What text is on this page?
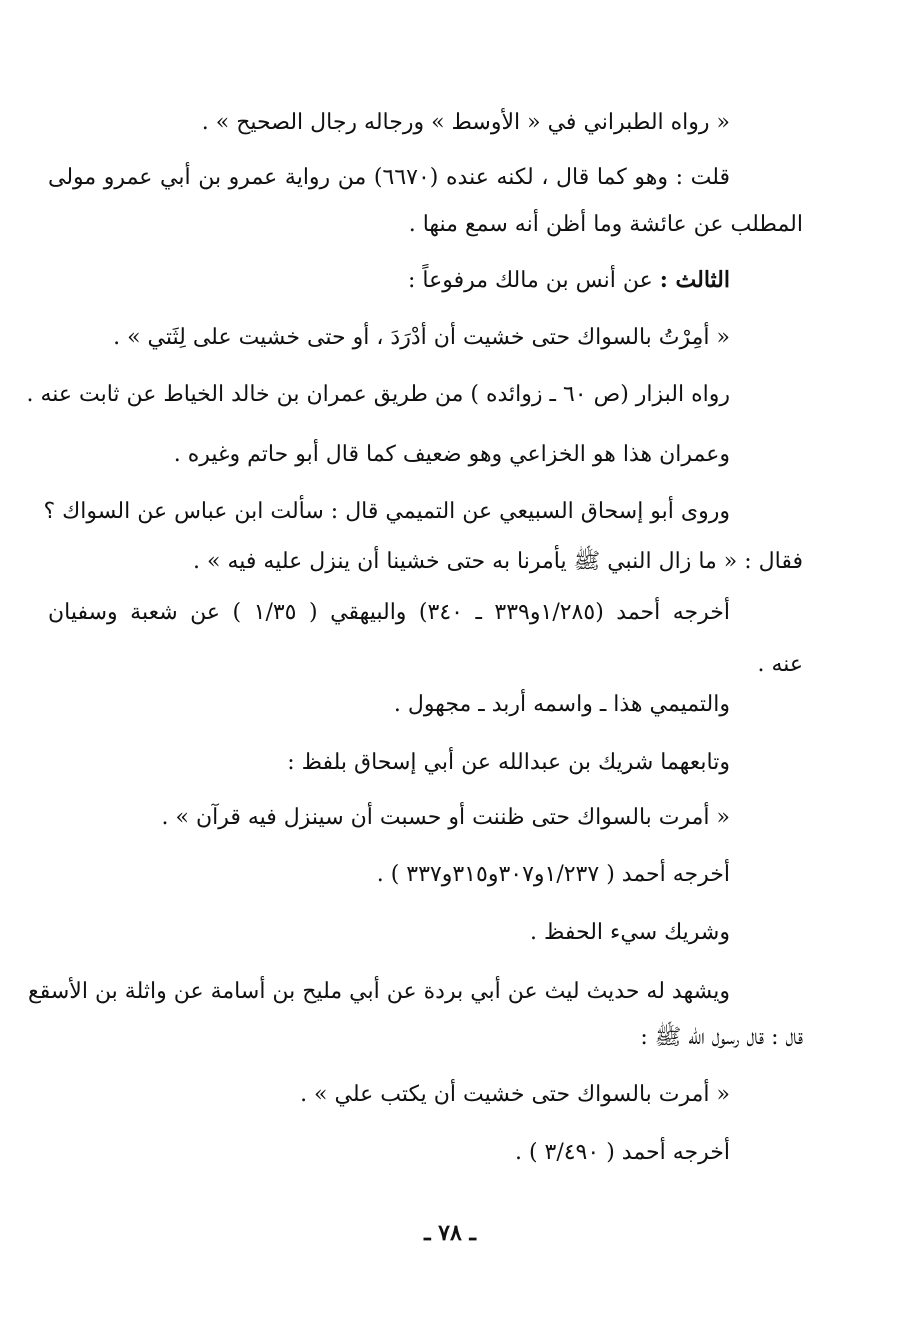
« رواه الطبراني في « الأوسط » ورجاله رجال الصحيح » .
قلت : وهو كما قال ، لكنه عنده (٦٦٧٠) من رواية عمرو بن أبي عمرو مولى
المطلب عن عائشة وما أظن أنه سمع منها .
الثالث : عن أنس بن مالك مرفوعاً :
« أمِرْتُ بالسواك حتى خشيت أن أدْرَدَ ، أو حتى خشيت على لِثَتي » .
رواه البزار (ص ٦٠ ـ زوائده ) من طريق عمران بن خالد الخياط عن ثابت عنه .
وعمران هذا هو الخزاعي وهو ضعيف كما قال أبو حاتم وغيره .
وروى أبو إسحاق السبيعي عن التميمي قال : سألت ابن عباس عن السواك ؟
فقال : « ما زال النبي ﷺ يأمرنا به حتى خشينا أن ينزل عليه فيه » .
أخرجه أحمد (١/٢٨٥و٣٣٩ ـ ٣٤٠) والبيهقي ( ١/٣٥ ) عن شعبة وسفيان
عنه .
والتميمي هذا ـ واسمه أربد ـ مجهول .
وتابعهما شريك بن عبدالله عن أبي إسحاق بلفظ :
« أمرت بالسواك حتى ظننت أو حسبت أن سينزل فيه قرآن » .
أخرجه أحمد ( ١/٢٣٧و٣٠٧و٣١٥و٣٣٧ ) .
وشريك سيء الحفظ .
ويشهد له حديث ليث عن أبي بردة عن أبي مليح بن أسامة عن واثلة بن الأسقع
قال : قال رسول الله ﷺ :
« أمرت بالسواك حتى خشيت أن يكتب علي » .
أخرجه أحمد ( ٣/٤٩٠ ) .
ـ ٧٨ ـ
